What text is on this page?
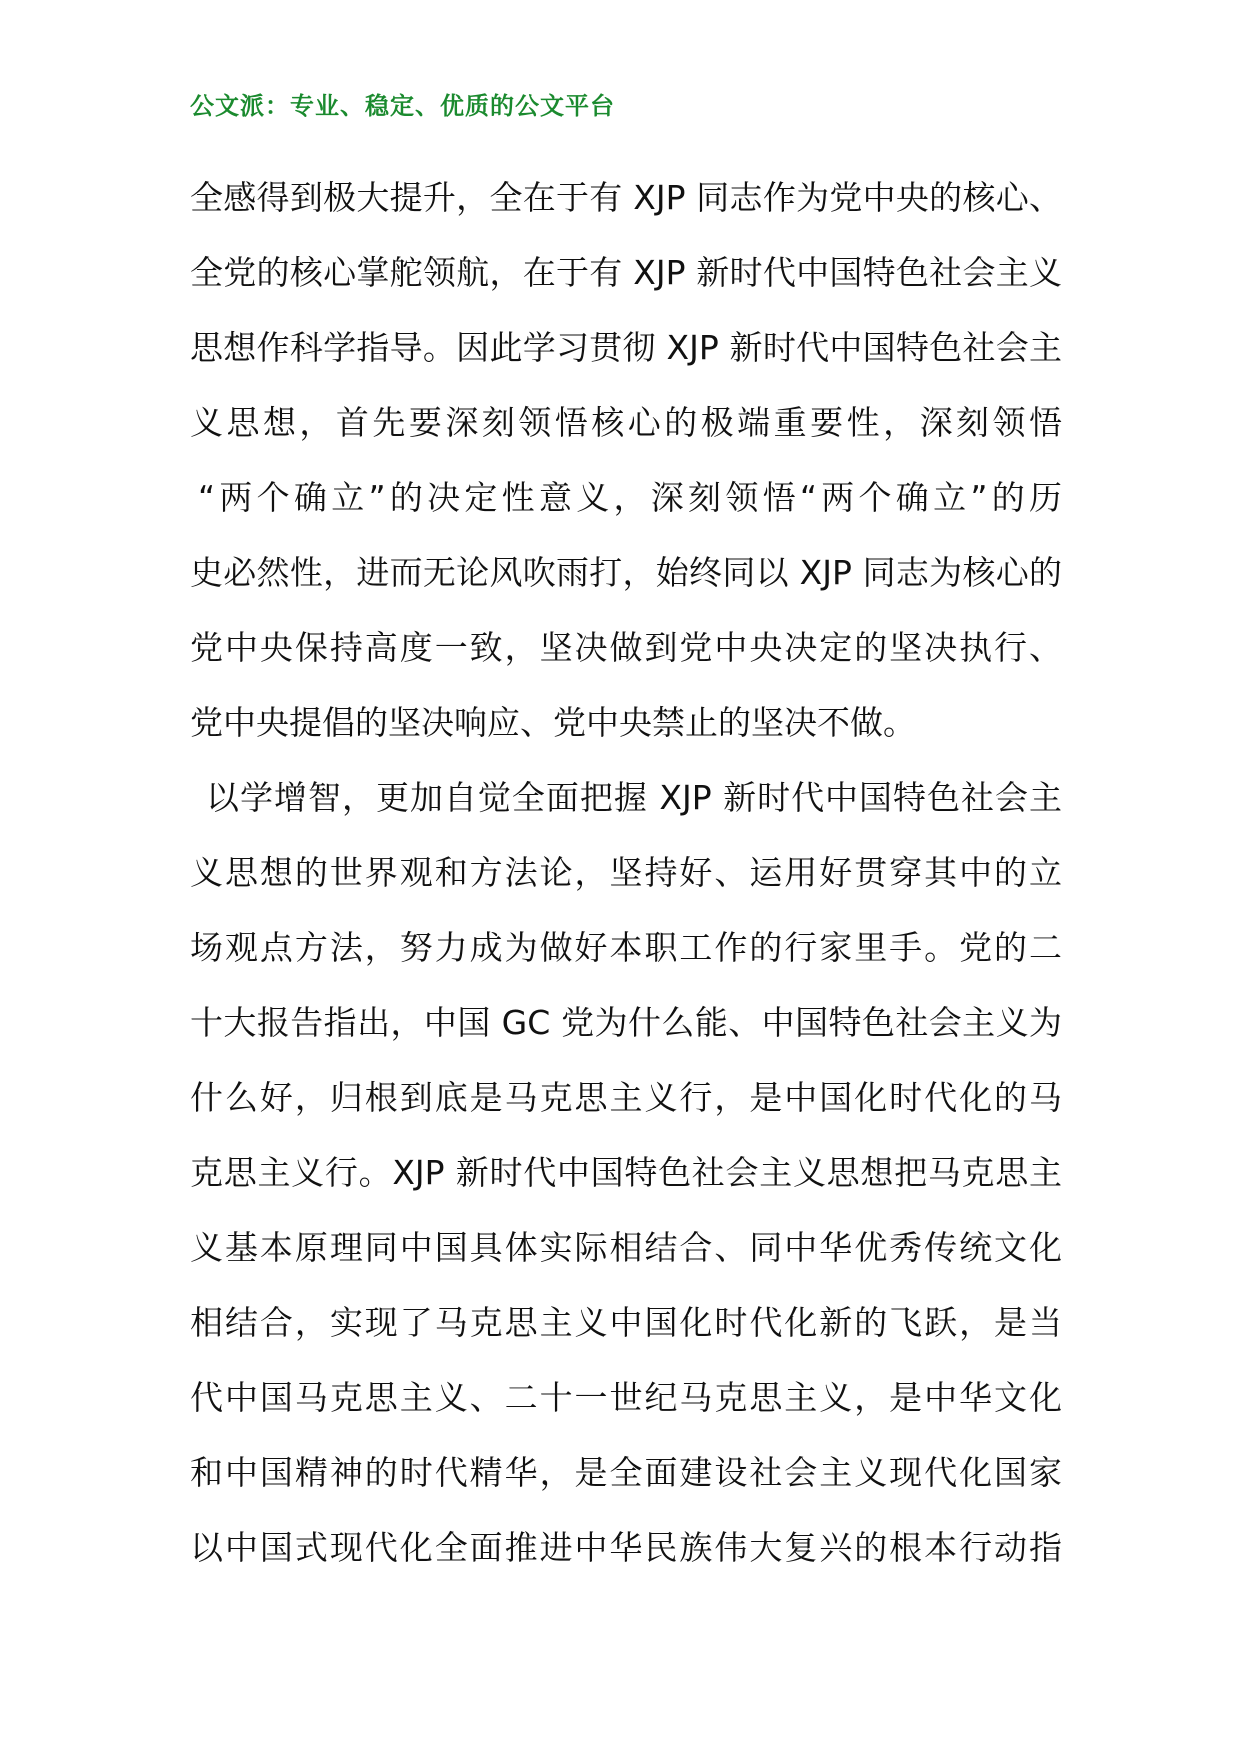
公文派：专业、稳定、优质的公文平台
全感得到极大提升，全在于有 XJP 同志作为党中央的核心、
全党的核心掌舵领航，在于有 XJP 新时代中国特色社会主义
思想作科学指导。因此学习贯彻 XJP 新时代中国特色社会主
义思想，首先要深刻领悟核心的极端重要性，深刻领悟
“两个确立”的决定性意义，深刻领悟“两个确立”的历
史必然性，进而无论风吹雨打，始终同以 XJP 同志为核心的
党中央保持高度一致，坚决做到党中央决定的坚决执行、
党中央提倡的坚决响应、党中央禁止的坚决不做。
以学增智，更加自觉全面把握 XJP 新时代中国特色社会主
义思想的世界观和方法论，坚持好、运用好贯穿其中的立
场观点方法，努力成为做好本职工作的行家里手。党的二
十大报告指出，中国 GC 党为什么能、中国特色社会主义为
什么好，归根到底是马克思主义行，是中国化时代化的马
克思主义行。XJP 新时代中国特色社会主义思想把马克思主
义基本原理同中国具体实际相结合、同中华优秀传统文化
相结合，实现了马克思主义中国化时代化新的飞跃，是当
代中国马克思主义、二十一世纪马克思主义，是中华文化
和中国精神的时代精华，是全面建设社会主义现代化国家
以中国式现代化全面推进中华民族伟大复兴的根本行动指
